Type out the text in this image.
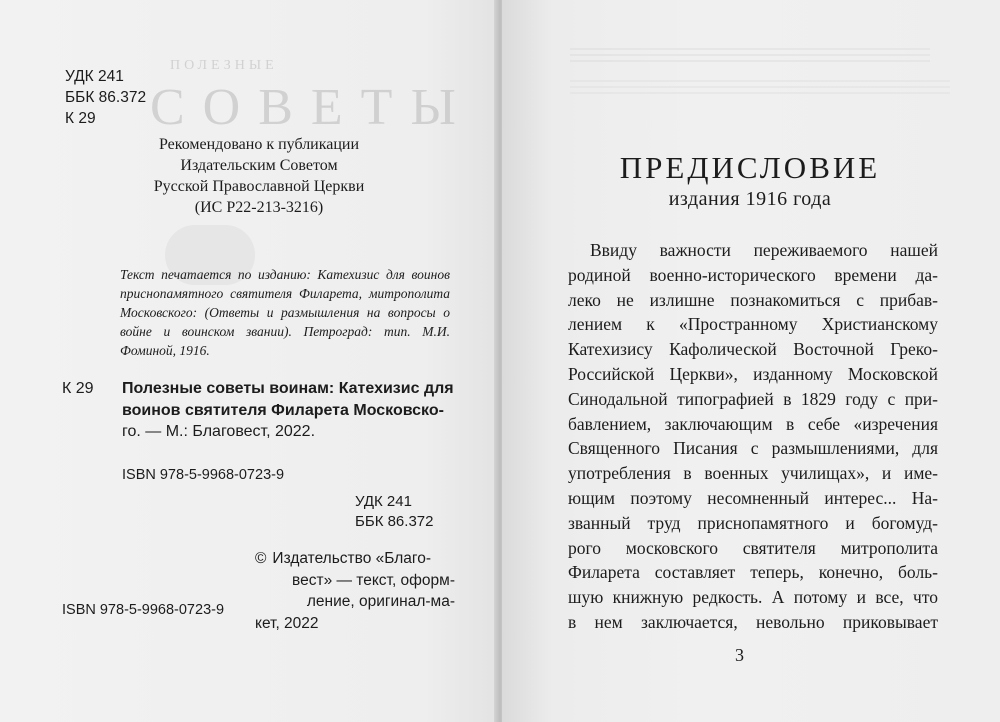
ПОЛЕЗНЫЕ
СОВЕТЫ
УДК 241
ББК 86.372
К 29
Рекомендовано к публикации
Издательским Советом
Русской Православной Церкви
(ИС Р22-213-3216)
Текст печатается по изданию: Катехизис для воинов приснопамятного святителя Филарета, митрополита Московского: (Ответы и размышления на вопросы о войне и воинском звании). Петроград: тип. М.И. Фоминой, 1916.
К 29 Полезные советы воинам: Катехизис для воинов святителя Филарета Московско-го. — М.: Благовест, 2022.
ISBN 978-5-9968-0723-9
УДК 241
ББК 86.372
© Издательство «Благо-
вест» — текст, оформ-
ление, оригинал-ма-
кет, 2022
ISBN 978-5-9968-0723-9
ПРЕДИСЛОВИЕ
издания 1916 года
Ввиду важности переживаемого нашей
родиной военно-исторического времени да-
леко не излишне познакомиться с прибав-
лением к «Пространному Христианскому
Катехизису Кафолической Восточной Греко-
Российской Церкви», изданному Московской
Синодальной типографией в 1829 году с при-
бавлением, заключающим в себе «изречения
Священного Писания с размышлениями, для
употребления в военных училищах», и име-
ющим поэтому несомненный интерес... На-
званный труд приснопамятного и богомуд-
рого московского святителя митрополита
Филарета составляет теперь, конечно, боль-
шую книжную редкость. А потому и все, что
в нем заключается, невольно приковывает
3
